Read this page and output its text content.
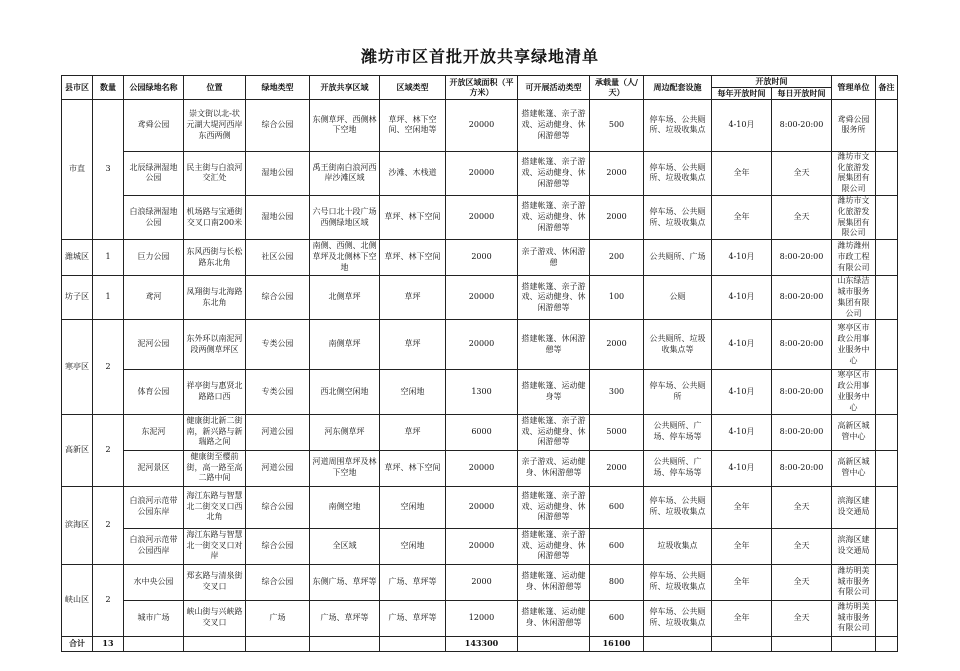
潍坊市区首批开放共享绿地清单
县市区	数量	公园绿地名称	位置	绿地类型	开放共享区域	区域类型	开放区域面积（平方米）	可开展活动类型	承载量（人/天）	周边配套设施	开放时间		管理单位	备注
											每年开放时间	每日开放时间		
市直	3	鸢舜公园	崇文街以北-状元湖大堤河西岸东西两侧	综合公园	东侧草坪、西侧林下空地	草坪、林下空间、空闲地等	20000	搭建帐篷、亲子游戏、运动健身、休闲游憩等	500	停车场、公共厕所、垃圾收集点	4-10月	8:00-20:00	鸢舜公园服务所	
		北辰绿洲湿地公园	民主街与白浪河交汇处	湿地公园	禹王街南白浪河西岸沙滩区域	沙滩、木栈道	20000	搭建帐篷、亲子游戏、运动健身、休闲游憩等	2000	停车场、公共厕所、垃圾收集点	全年	全天	潍坊市文化旅游发展集团有限公司	
		白浪绿洲湿地公园	机场路与宝通街交叉口南200米	湿地公园	六号口北十段广场西侧绿地区域	草坪、林下空间	20000	搭建帐篷、亲子游戏、运动健身、休闲游憩等	2000	停车场、公共厕所、垃圾收集点	全年	全天	潍坊市文化旅游发展集团有限公司	
潍城区	1	巨力公园	东风西街与长松路东北角	社区公园	南侧、西侧、北侧草坪及北侧林下空地	草坪、林下空间	2000	亲子游戏、休闲游憩	200	公共厕所、广场	4-10月	8:00-20:00	潍坊潍州市政工程有限公司	
坊子区	1	鸢河	凤翔街与北海路东北角	综合公园	北侧草坪	草坪	20000	搭建帐篷、亲子游戏、运动健身、休闲游憩等	100	公厕	4-10月	8:00-20:00	山东绿洁城市服务集团有限公司	
寒亭区	2	泥河公园	东外环以南泥河段两侧草坪区	专类公园	南侧草坪	草坪	20000	搭建帐篷、休闲游憩等	2000	公共厕所、垃圾收集点等	4-10月	8:00-20:00	寒亭区市政公用事业服务中心	
		体育公园	祥亭街与惠贤北路路口西	专类公园	西北侧空闲地	空闲地	1300	搭建帐篷、运动健身等	300	停车场、公共厕所	4-10月	8:00-20:00	寒亭区市政公用事业服务中心	
高新区	2	东泥河	健康街北新二街南，新兴路与新瑞路之间	河道公园	河东侧草坪	草坪	6000	搭建帐篷、亲子游戏、运动健身、休闲游憩等	5000	公共厕所、广场、停车场等	4-10月	8:00-20:00	高新区城管中心	
		泥河景区	健康街至樱前街，高一路至高二路中间	河道公园	河道周围草坪及林下空地	草坪、林下空间	20000	亲子游戏、运动健身、休闲游憩等	2000	公共厕所、广场、停车场等	4-10月	8:00-20:00	高新区城管中心	
滨海区	2	白浪河示范带公园东岸	海江东路与智慧北二街交叉口西北角	综合公园	南侧空地	空闲地	20000	搭建帐篷、亲子游戏、运动健身、休闲游憩等	600	停车场、公共厕所、垃圾收集点	全年	全天	滨海区建设交通局	
		白浪河示范带公园西岸	海江东路与智慧北一街交叉口对岸	综合公园	全区域	空闲地	20000	搭建帐篷、亲子游戏、运动健身、休闲游憩等	600	垃圾收集点	全年	全天	滨海区建设交通局	
峡山区	2	水中央公园	郑玄路与清泉街交叉口	综合公园	东侧广场、草坪等	广场、草坪等	2000	搭建帐篷、运动健身、休闲游憩等	800	停车场、公共厕所、垃圾收集点	全年	全天	潍坊明美城市服务有限公司	
		城市广场	峡山街与兴峡路交叉口	广场	广场、草坪等	广场、草坪等	12000	搭建帐篷、运动健身、休闲游憩等	600	停车场、公共厕所、垃圾收集点	全年	全天	潍坊明美城市服务有限公司	
合计	13						143300		16100					
